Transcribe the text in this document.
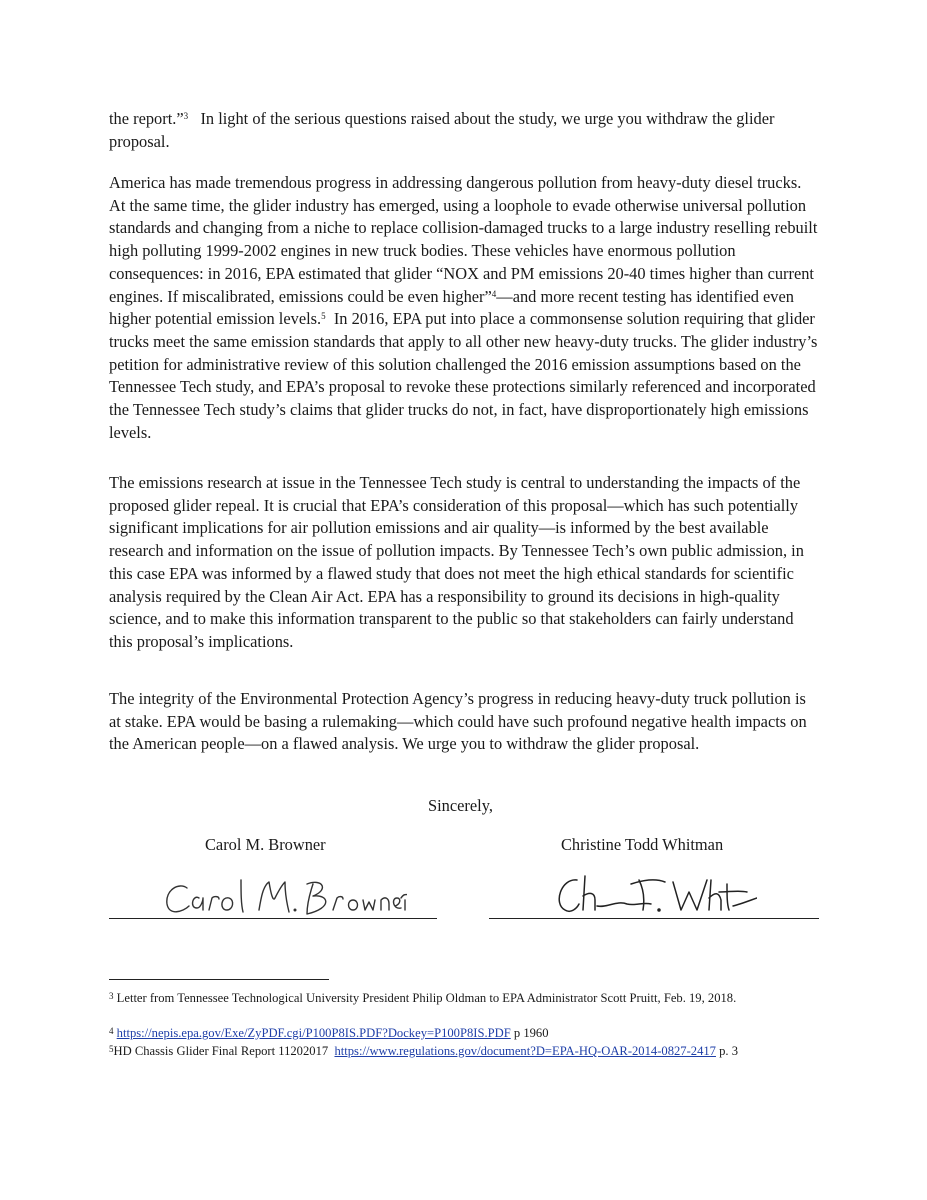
the report.”$^3$ In light of the serious questions raised about the study, we urge you withdraw the glider proposal.

America has made tremendous progress in addressing dangerous pollution from heavy-duty diesel trucks. At the same time, the glider industry has emerged, using a loophole to evade otherwise universal pollution standards and changing from a niche to replace collision-damaged trucks to a large industry reselling rebuilt high polluting 1999-2002 engines in new truck bodies. These vehicles have enormous pollution consequences: in 2016, EPA estimated that glider “NOX and PM emissions 20-40 times higher than current engines. If miscalibrated, emissions could be even higher”$^4$—and more recent testing has identified even higher potential emission levels.$^5$ In 2016, EPA put into place a commonsense solution requiring that glider trucks meet the same emission standards that apply to all other new heavy-duty trucks. The glider industry’s petition for administrative review of this solution challenged the 2016 emission assumptions based on the Tennessee Tech study, and EPA’s proposal to revoke these protections similarly referenced and incorporated the Tennessee Tech study’s claims that glider trucks do not, in fact, have disproportionately high emissions levels.

The emissions research at issue in the Tennessee Tech study is central to understanding the impacts of the proposed glider repeal. It is crucial that EPA’s consideration of this proposal—which has such potentially significant implications for air pollution emissions and air quality—is informed by the best available research and information on the issue of pollution impacts. By Tennessee Tech’s own public admission, in this case EPA was informed by a flawed study that does not meet the high ethical standards for scientific analysis required by the Clean Air Act. EPA has a responsibility to ground its decisions in high-quality science, and to make this information transparent to the public so that stakeholders can fairly understand this proposal’s implications.

The integrity of the Environmental Protection Agency’s progress in reducing heavy-duty truck pollution is at stake. EPA would be basing a rulemaking—which could have such profound negative health impacts on the American people—on a flawed analysis. We urge you to withdraw the glider proposal.

Sincerely,
Carol M. Browner	Christine Todd Whitman
$^3$ Letter from Tennessee Technological University President Philip Oldman to EPA Administrator Scott Pruitt, Feb. 19, 2018.
$^4$ https://nepis.epa.gov/Exe/ZyPDF.cgi/P100P8IS.PDF?Dockey=P100P8IS.PDF p 1960
$^5$HD Chassis Glider Final Report 11202017 https://www.regulations.gov/document?D=EPA-HQ-OAR-2014-0827-2417 p. 3
